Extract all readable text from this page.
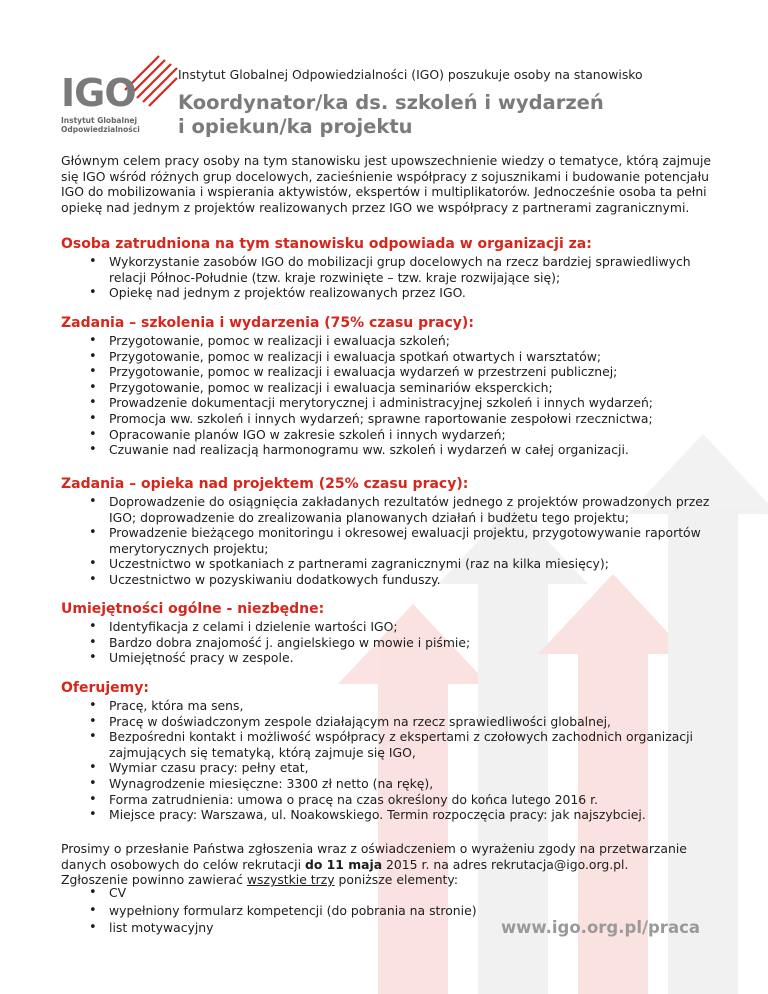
IGO
Instytut Globalnej
Odpowiedzialności
Instytut Globalnej Odpowiedzialności (IGO) poszukuje osoby na stanowisko
Koordynator/ka ds. szkoleń i wydarzeń
i opiekun/ka projektu

Głównym celem pracy osoby na tym stanowisku jest upowszechnienie wiedzy o tematyce, którą zajmuje się IGO wśród różnych grup docelowych, zacieśnienie współpracy z sojusznikami i budowanie potencjału IGO do mobilizowania i wspierania aktywistów, ekspertów i multiplikatorów. Jednocześnie osoba ta pełni opiekę nad jednym z projektów realizowanych przez IGO we współpracy z partnerami zagranicznymi.

Osoba zatrudniona na tym stanowisku odpowiada w organizacji za:
• Wykorzystanie zasobów IGO do mobilizacji grup docelowych na rzecz bardziej sprawiedliwych relacji Północ-Południe (tzw. kraje rozwinięte – tzw. kraje rozwijające się);
• Opiekę nad jednym z projektów realizowanych przez IGO.
Zadania – szkolenia i wydarzenia (75% czasu pracy):
• Przygotowanie, pomoc w realizacji i ewaluacja szkoleń;
• Przygotowanie, pomoc w realizacji i ewaluacja spotkań otwartych i warsztatów;
• Przygotowanie, pomoc w realizacji i ewaluacja wydarzeń w przestrzeni publicznej;
• Przygotowanie, pomoc w realizacji i ewaluacja seminariów eksperckich;
• Prowadzenie dokumentacji merytorycznej i administracyjnej szkoleń i innych wydarzeń;
• Promocja ww. szkoleń i innych wydarzeń; sprawne raportowanie zespołowi rzecznictwa;
• Opracowanie planów IGO w zakresie szkoleń i innych wydarzeń;
• Czuwanie nad realizacją harmonogramu ww. szkoleń i wydarzeń w całej organizacji.
Zadania – opieka nad projektem (25% czasu pracy):
• Doprowadzenie do osiągnięcia zakładanych rezultatów jednego z projektów prowadzonych przez IGO; doprowadzenie do zrealizowania planowanych działań i budżetu tego projektu;
• Prowadzenie bieżącego monitoringu i okresowej ewaluacji projektu, przygotowywanie raportów merytorycznych projektu;
• Uczestnictwo w spotkaniach z partnerami zagranicznymi (raz na kilka miesięcy);
• Uczestnictwo w pozyskiwaniu dodatkowych funduszy.
Umiejętności ogólne - niezbędne:
• Identyfikacja z celami i dzielenie wartości IGO;
• Bardzo dobra znajomość j. angielskiego w mowie i piśmie;
• Umiejętność pracy w zespole.
Oferujemy:
• Pracę, która ma sens,
• Pracę w doświadczonym zespole działającym na rzecz sprawiedliwości globalnej,
• Bezpośredni kontakt i możliwość współpracy z ekspertami z czołowych zachodnich organizacji zajmujących się tematyką, którą zajmuje się IGO,
• Wymiar czasu pracy: pełny etat,
• Wynagrodzenie miesięczne: 3300 zł netto (na rękę),
• Forma zatrudnienia: umowa o pracę na czas określony do końca lutego 2016 r.
• Miejsce pracy: Warszawa, ul. Noakowskiego. Termin rozpoczęcia pracy: jak najszybciej.

Prosimy o przesłanie Państwa zgłoszenia wraz z oświadczeniem o wyrażeniu zgody na przetwarzanie danych osobowych do celów rekrutacji do 11 maja 2015 r. na adres rekrutacja@igo.org.pl.
Zgłoszenie powinno zawierać wszystkie trzy poniższe elementy:

• CV
• wypełniony formularz kompetencji (do pobrania na stronie)
• list motywacyjny	www.igo.org.pl/praca
